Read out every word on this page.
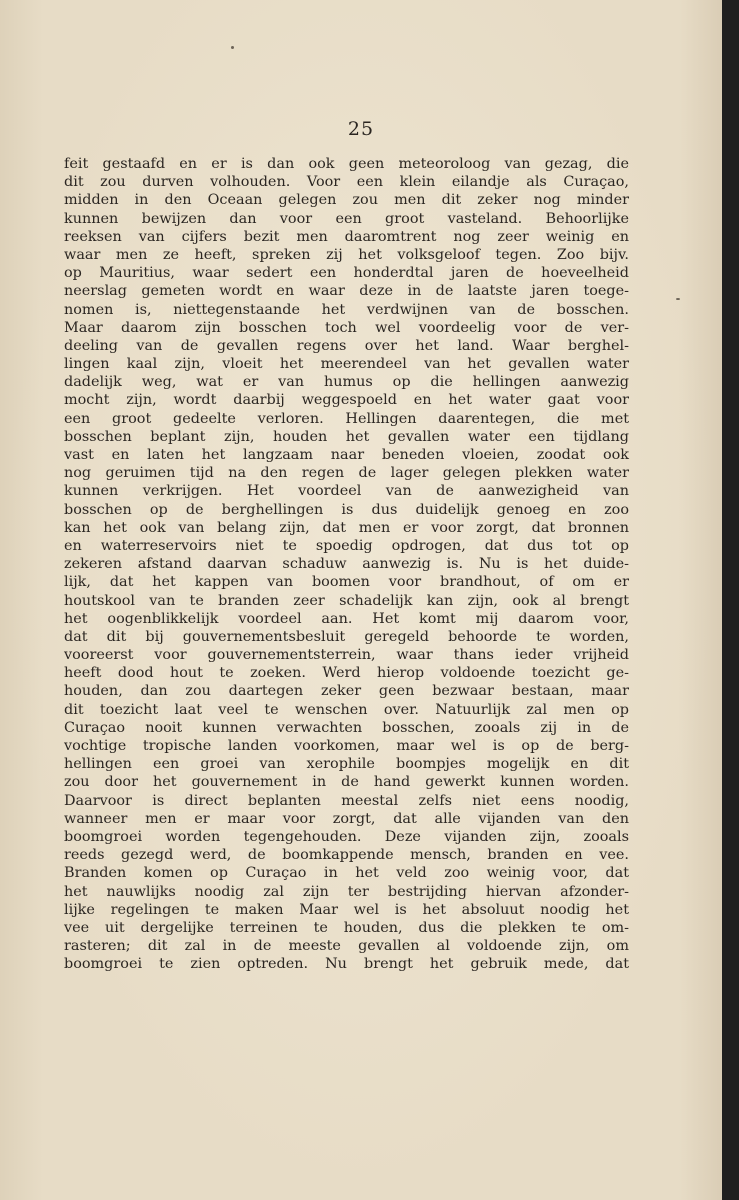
25
feit gestaafd en er is dan ook geen meteoroloog van gezag, die
dit zou durven volhouden. Voor een klein eilandje als Curaçao,
midden in den Oceaan gelegen zou men dit zeker nog minder
kunnen bewijzen dan voor een groot vasteland. Behoorlijke
reeksen van cijfers bezit men daaromtrent nog zeer weinig en
waar men ze heeft, spreken zij het volksgeloof tegen. Zoo bijv.
op Mauritius, waar sedert een honderdtal jaren de hoeveelheid
neerslag gemeten wordt en waar deze in de laatste jaren toege-
nomen is, niettegenstaande het verdwijnen van de bosschen.
Maar daarom zijn bosschen toch wel voordeelig voor de ver-
deeling van de gevallen regens over het land. Waar berghel-
lingen kaal zijn, vloeit het meerendeel van het gevallen water
dadelijk weg, wat er van humus op die hellingen aanwezig
mocht zijn, wordt daarbij weggespoeld en het water gaat voor
een groot gedeelte verloren. Hellingen daarentegen, die met
bosschen beplant zijn, houden het gevallen water een tijdlang
vast en laten het langzaam naar beneden vloeien, zoodat ook
nog geruimen tijd na den regen de lager gelegen plekken water
kunnen verkrijgen. Het voordeel van de aanwezigheid van
bosschen op de berghellingen is dus duidelijk genoeg en zoo
kan het ook van belang zijn, dat men er voor zorgt, dat bronnen
en waterreservoirs niet te spoedig opdrogen, dat dus tot op
zekeren afstand daarvan schaduw aanwezig is. Nu is het duide-
lijk, dat het kappen van boomen voor brandhout, of om er
houtskool van te branden zeer schadelijk kan zijn, ook al brengt
het oogenblikkelijk voordeel aan. Het komt mij daarom voor,
dat dit bij gouvernementsbesluit geregeld behoorde te worden,
vooreerst voor gouvernementsterrein, waar thans ieder vrijheid
heeft dood hout te zoeken. Werd hierop voldoende toezicht ge-
houden, dan zou daartegen zeker geen bezwaar bestaan, maar
dit toezicht laat veel te wenschen over. Natuurlijk zal men op
Curaçao nooit kunnen verwachten bosschen, zooals zij in de
vochtige tropische landen voorkomen, maar wel is op de berg-
hellingen een groei van xerophile boompjes mogelijk en dit
zou door het gouvernement in de hand gewerkt kunnen worden.
Daarvoor is direct beplanten meestal zelfs niet eens noodig,
wanneer men er maar voor zorgt, dat alle vijanden van den
boomgroei worden tegengehouden. Deze vijanden zijn, zooals
reeds gezegd werd, de boomkappende mensch, branden en vee.
Branden komen op Curaçao in het veld zoo weinig voor, dat
het nauwlijks noodig zal zijn ter bestrijding hiervan afzonder-
lijke regelingen te maken Maar wel is het absoluut noodig het
vee uit dergelijke terreinen te houden, dus die plekken te om-
rasteren; dit zal in de meeste gevallen al voldoende zijn, om
boomgroei te zien optreden. Nu brengt het gebruik mede, dat
